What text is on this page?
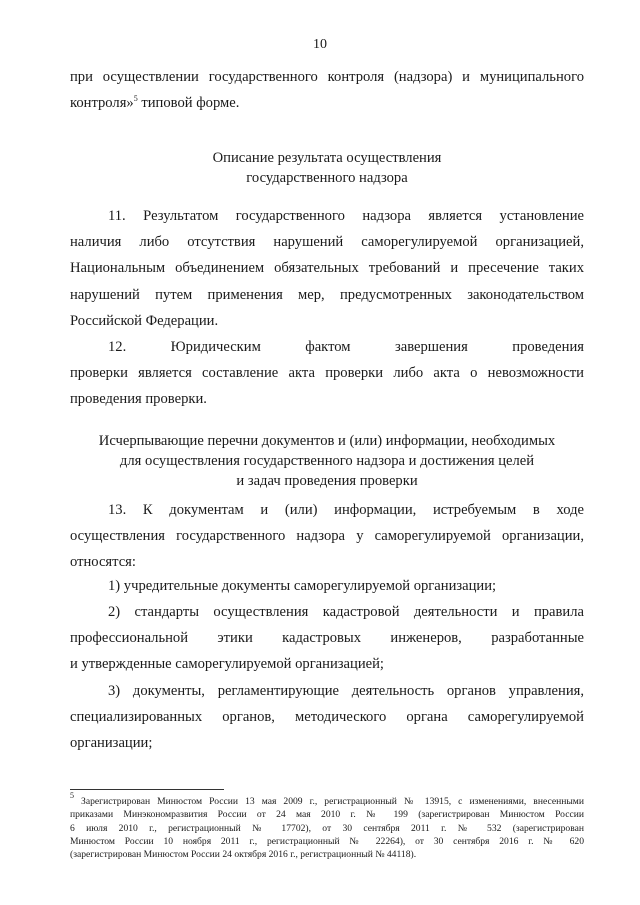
10
при осуществлении государственного контроля (надзора) и муниципального
контроля»$^5$ типовой форме.
Описание результата осуществления
государственного надзора
11. Результатом государственного надзора является установление
наличия либо отсутствия нарушений саморегулируемой организацией,
Национальным объединением обязательных требований и пресечение таких
нарушений путем применения мер, предусмотренных законодательством
Российской Федерации.
12. Юридическим фактом завершения проведения
проверки является составление акта проверки либо акта о невозможности
проведения проверки.
Исчерпывающие перечни документов и (или) информации, необходимых
для осуществления государственного надзора и достижения целей
и задач проведения проверки
13. К документам и (или) информации, истребуемым в ходе
осуществления государственного надзора у саморегулируемой организации,
относятся:
1) учредительные документы саморегулируемой организации;
2) стандарты осуществления кадастровой деятельности и правила
профессиональной этики кадастровых инженеров, разработанные
и утвержденные саморегулируемой организацией;
3) документы, регламентирующие деятельность органов управления,
специализированных органов, методического органа саморегулируемой
организации;
$^5$ Зарегистрирован Минюстом России 13 мая 2009 г., регистрационный № 13915, с изменениями, внесенными
приказами Минэкономразвития России от 24 мая 2010 г. № 199 (зарегистрирован Минюстом России
6 июля 2010 г., регистрационный № 17702), от 30 сентября 2011 г. № 532 (зарегистрирован
Минюстом России 10 ноября 2011 г., регистрационный № 22264), от 30 сентября 2016 г. № 620
(зарегистрирован Минюстом России 24 октября 2016 г., регистрационный № 44118).
